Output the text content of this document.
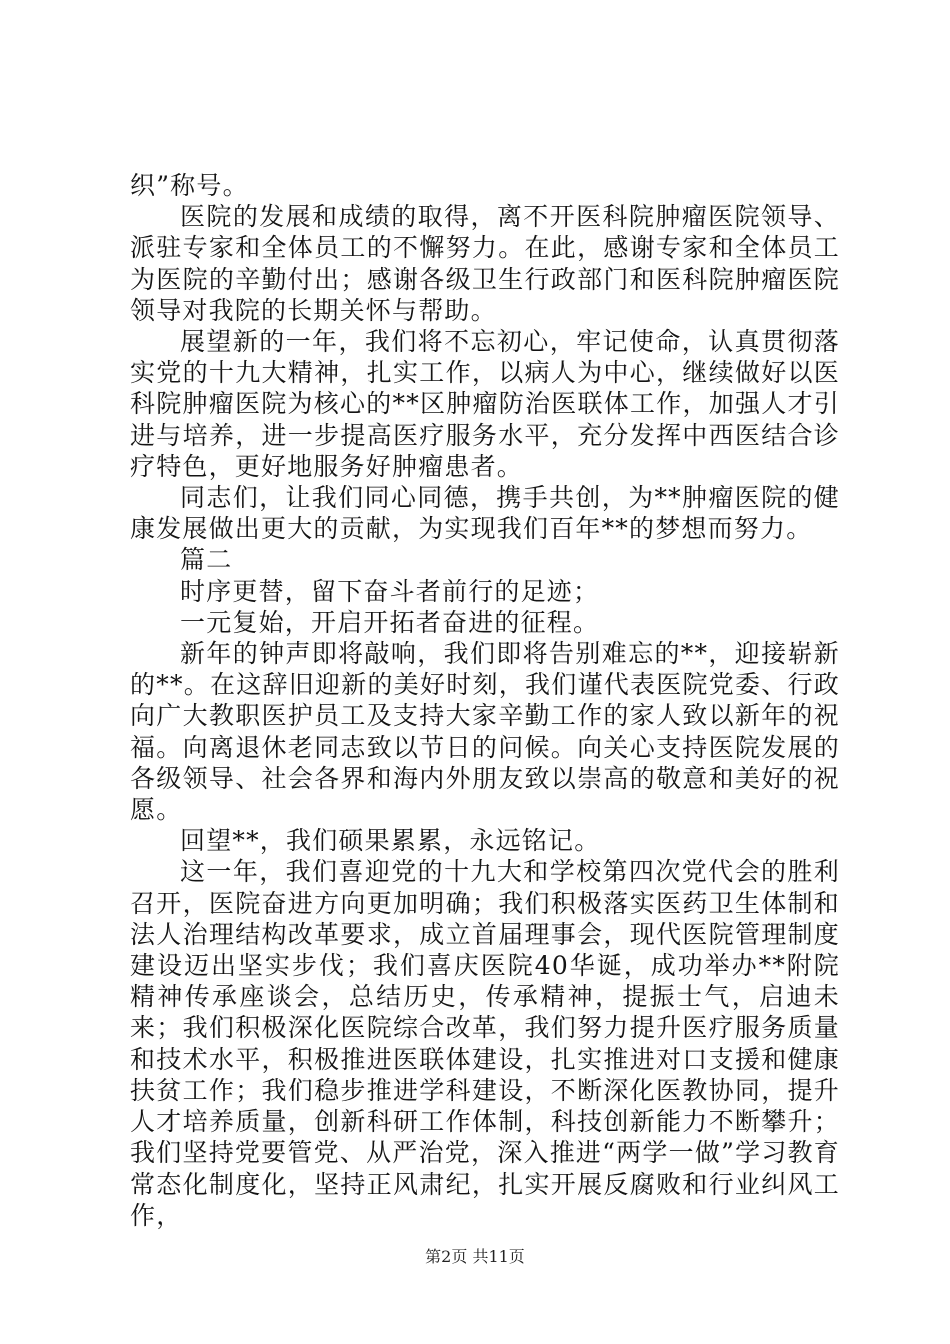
织”称号。

医院的发展和成绩的取得，离不开医科院肿瘤医院领导、派驻专家和全体员工的不懈努力。在此，感谢专家和全体员工为医院的辛勤付出；感谢各级卫生行政部门和医科院肿瘤医院领导对我院的长期关怀与帮助。

展望新的一年，我们将不忘初心，牢记使命，认真贯彻落实党的十九大精神，扎实工作，以病人为中心，继续做好以医科院肿瘤医院为核心的**区肿瘤防治医联体工作，加强人才引进与培养，进一步提高医疗服务水平，充分发挥中西医结合诊疗特色，更好地服务好肿瘤患者。

同志们，让我们同心同德，携手共创，为**肿瘤医院的健康发展做出更大的贡献，为实现我们百年**的梦想而努力。

篇二

时序更替，留下奋斗者前行的足迹；

一元复始，开启开拓者奋进的征程。

新年的钟声即将敲响，我们即将告别难忘的**，迎接崭新的**。在这辞旧迎新的美好时刻，我们谨代表医院党委、行政向广大教职医护员工及支持大家辛勤工作的家人致以新年的祝福。向离退休老同志致以节日的问候。向关心支持医院发展的各级领导、社会各界和海内外朋友致以崇高的敬意和美好的祝愿。

回望**，我们硕果累累，永远铭记。

这一年，我们喜迎党的十九大和学校第四次党代会的胜利召开，医院奋进方向更加明确；我们积极落实医药卫生体制和法人治理结构改革要求，成立首届理事会，现代医院管理制度建设迈出坚实步伐；我们喜庆医院40华诞，成功举办**附院精神传承座谈会，总结历史，传承精神，提振士气，启迪未来；我们积极深化医院综合改革，我们努力提升医疗服务质量和技术水平，积极推进医联体建设，扎实推进对口支援和健康扶贫工作；我们稳步推进学科建设，不断深化医教协同，提升人才培养质量，创新科研工作体制，科技创新能力不断攀升；我们坚持党要管党、从严治党，深入推进“两学一做”学习教育常态化制度化，坚持正风肃纪，扎实开展反腐败和行业纠风工作，

第2页 共11页
